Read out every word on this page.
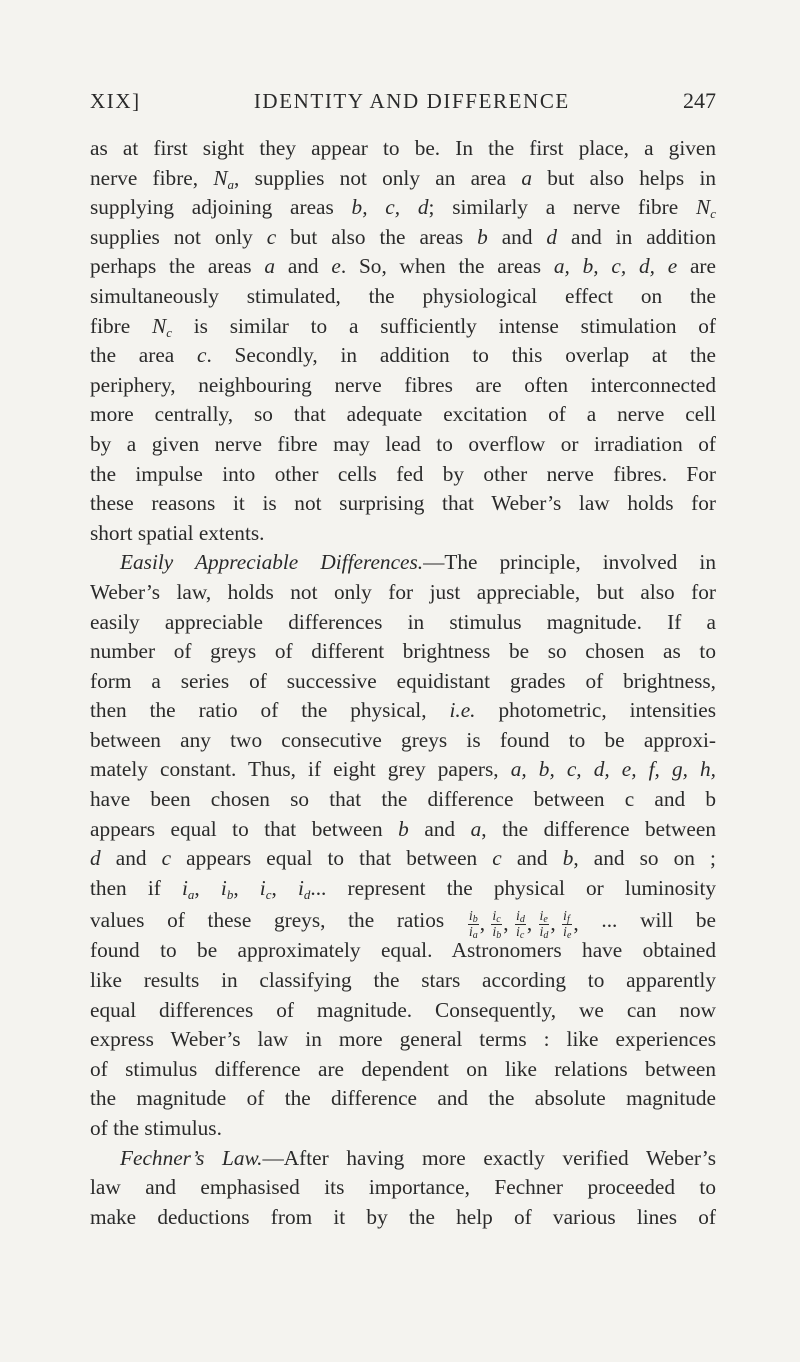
XIX]	IDENTITY AND DIFFERENCE	247
as at first sight they appear to be. In the first place, a given
nerve fibre, $N_a$, supplies not only an area a but also helps in
supplying adjoining areas b, c, d; similarly a nerve fibre $N_c$
supplies not only c but also the areas b and d and in addition
perhaps the areas a and e. So, when the areas a, b, c, d, e are
simultaneously stimulated, the physiological effect on the
fibre $N_c$ is similar to a sufficiently intense stimulation of
the area c. Secondly, in addition to this overlap at the
periphery, neighbouring nerve fibres are often interconnected
more centrally, so that adequate excitation of a nerve cell
by a given nerve fibre may lead to overflow or irradiation of
the impulse into other cells fed by other nerve fibres. For
these reasons it is not surprising that Weber’s law holds for
short spatial extents.
Easily Appreciable Differences.—The principle, involved in
Weber’s law, holds not only for just appreciable, but also for
easily appreciable differences in stimulus magnitude. If a
number of greys of different brightness be so chosen as to
form a series of successive equidistant grades of brightness,
then the ratio of the physical, i.e. photometric, intensities
between any two consecutive greys is found to be approxi-
mately constant. Thus, if eight grey papers, a, b, c, d, e, f, g, h,
have been chosen so that the difference between c and b
appears equal to that between b and a, the difference between
d and c appears equal to that between c and b, and so on ;
then if $i_a$, $i_b$, $i_c$, $i_d$... represent the physical or luminosity
values of these greys, the ratios $\frac{i_b}{i_a}$ , $\frac{i_c}{i_b}$ , $\frac{i_d}{i_c}$ , $\frac{i_e}{i_d}$ , $\frac{i_f}{i_e}$ , ... will be
found to be approximately equal. Astronomers have obtained
like results in classifying the stars according to apparently
equal differences of magnitude. Consequently, we can now
express Weber’s law in more general terms : like experiences
of stimulus difference are dependent on like relations between
the magnitude of the difference and the absolute magnitude
of the stimulus.
Fechner’s Law.—After having more exactly verified Weber’s
law and emphasised its importance, Fechner proceeded to
make deductions from it by the help of various lines of
